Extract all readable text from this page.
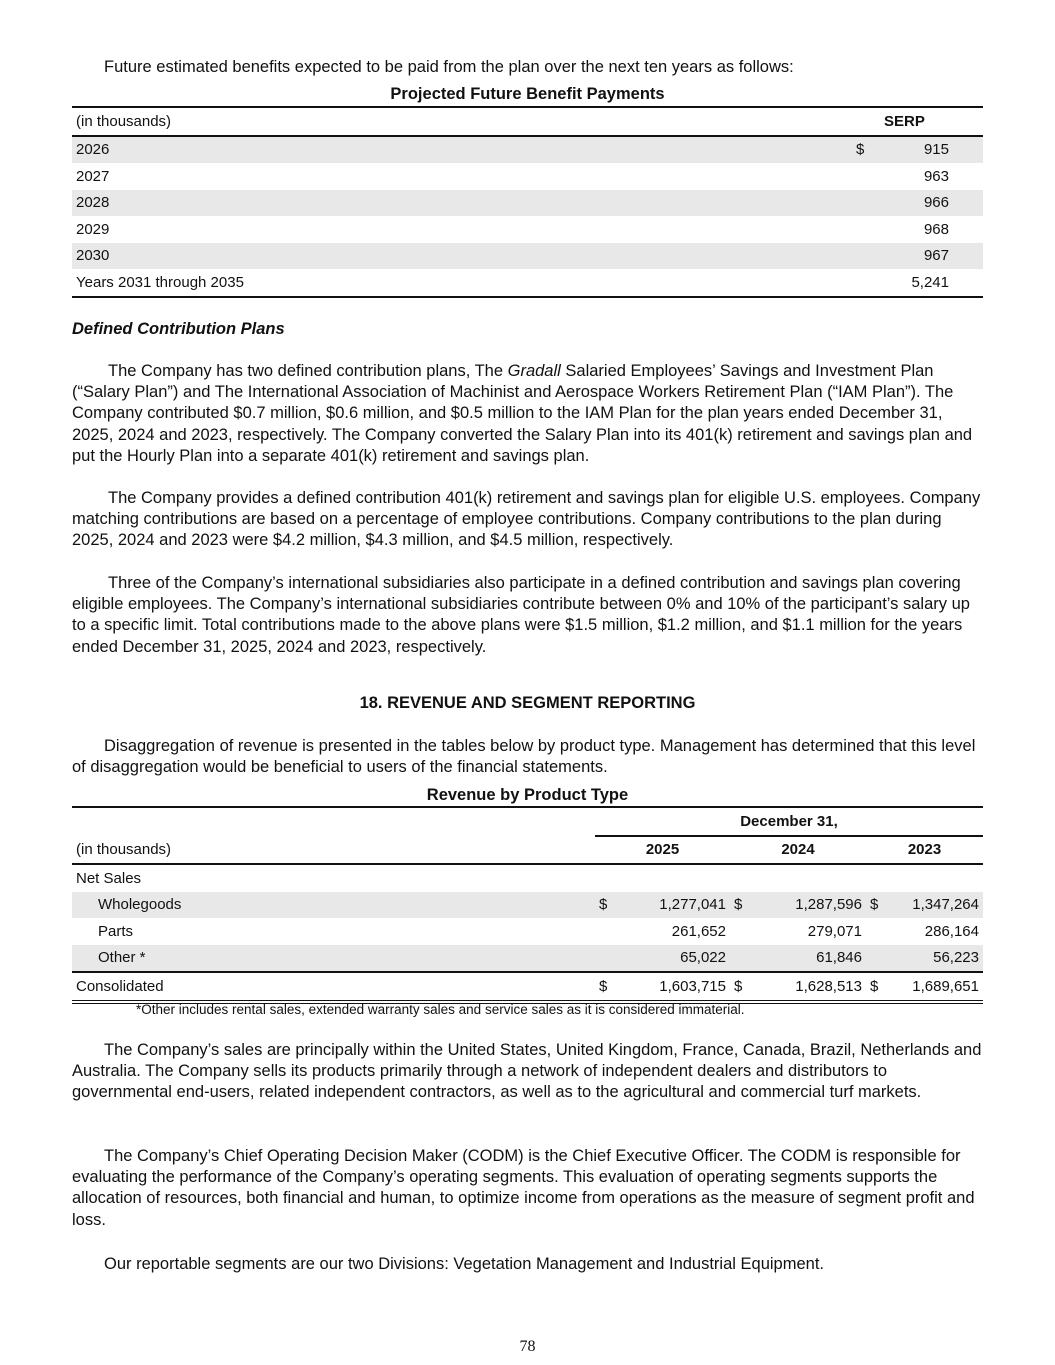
Future estimated benefits expected to be paid from the plan over the next ten years as follows:

Projected Future Benefit Payments
(in thousands)	SERP	
2026	$	915
2027		963
2028		966
2029		968
2030		967
Years 2031 through 2035		5,241
Defined Contribution Plans

The Company has two defined contribution plans, The Gradall Salaried Employees’ Savings and Investment Plan (“Salary Plan”) and The International Association of Machinist and Aerospace Workers Retirement Plan (“IAM Plan”). The Company contributed $0.7 million, $0.6 million, and $0.5 million to the IAM Plan for the plan years ended December 31, 2025, 2024 and 2023, respectively. The Company converted the Salary Plan into its 401(k) retirement and savings plan and put the Hourly Plan into a separate 401(k) retirement and savings plan.

The Company provides a defined contribution 401(k) retirement and savings plan for eligible U.S. employees. Company matching contributions are based on a percentage of employee contributions. Company contributions to the plan during 2025, 2024 and 2023 were $4.2 million, $4.3 million, and $4.5 million, respectively.

Three of the Company’s international subsidiaries also participate in a defined contribution and savings plan covering eligible employees. The Company’s international subsidiaries contribute between 0% and 10% of the participant’s salary up to a specific limit. Total contributions made to the above plans were $1.5 million, $1.2 million, and $1.1 million for the years ended December 31, 2025, 2024 and 2023, respectively.

18. REVENUE AND SEGMENT REPORTING

Disaggregation of revenue is presented in the tables below by product type. Management has determined that this level of disaggregation would be beneficial to users of the financial statements.

Revenue by Product Type
	December 31,					
(in thousands)	2025		2024		2023	
Net Sales						
Wholegoods	$	1,277,041	$	1,287,596	$	1,347,264
Parts		261,652		279,071		286,164
Other *		65,022		61,846		56,223
Consolidated	$	1,603,715	$	1,628,513	$	1,689,651
*Other includes rental sales, extended warranty sales and service sales as it is considered immaterial.

The Company’s sales are principally within the United States, United Kingdom, France, Canada, Brazil, Netherlands and Australia. The Company sells its products primarily through a network of independent dealers and distributors to governmental end-users, related independent contractors, as well as to the agricultural and commercial turf markets.

The Company’s Chief Operating Decision Maker (CODM) is the Chief Executive Officer. The CODM is responsible for evaluating the performance of the Company’s operating segments. This evaluation of operating segments supports the allocation of resources, both financial and human, to optimize income from operations as the measure of segment profit and loss.

Our reportable segments are our two Divisions: Vegetation Management and Industrial Equipment.

78
